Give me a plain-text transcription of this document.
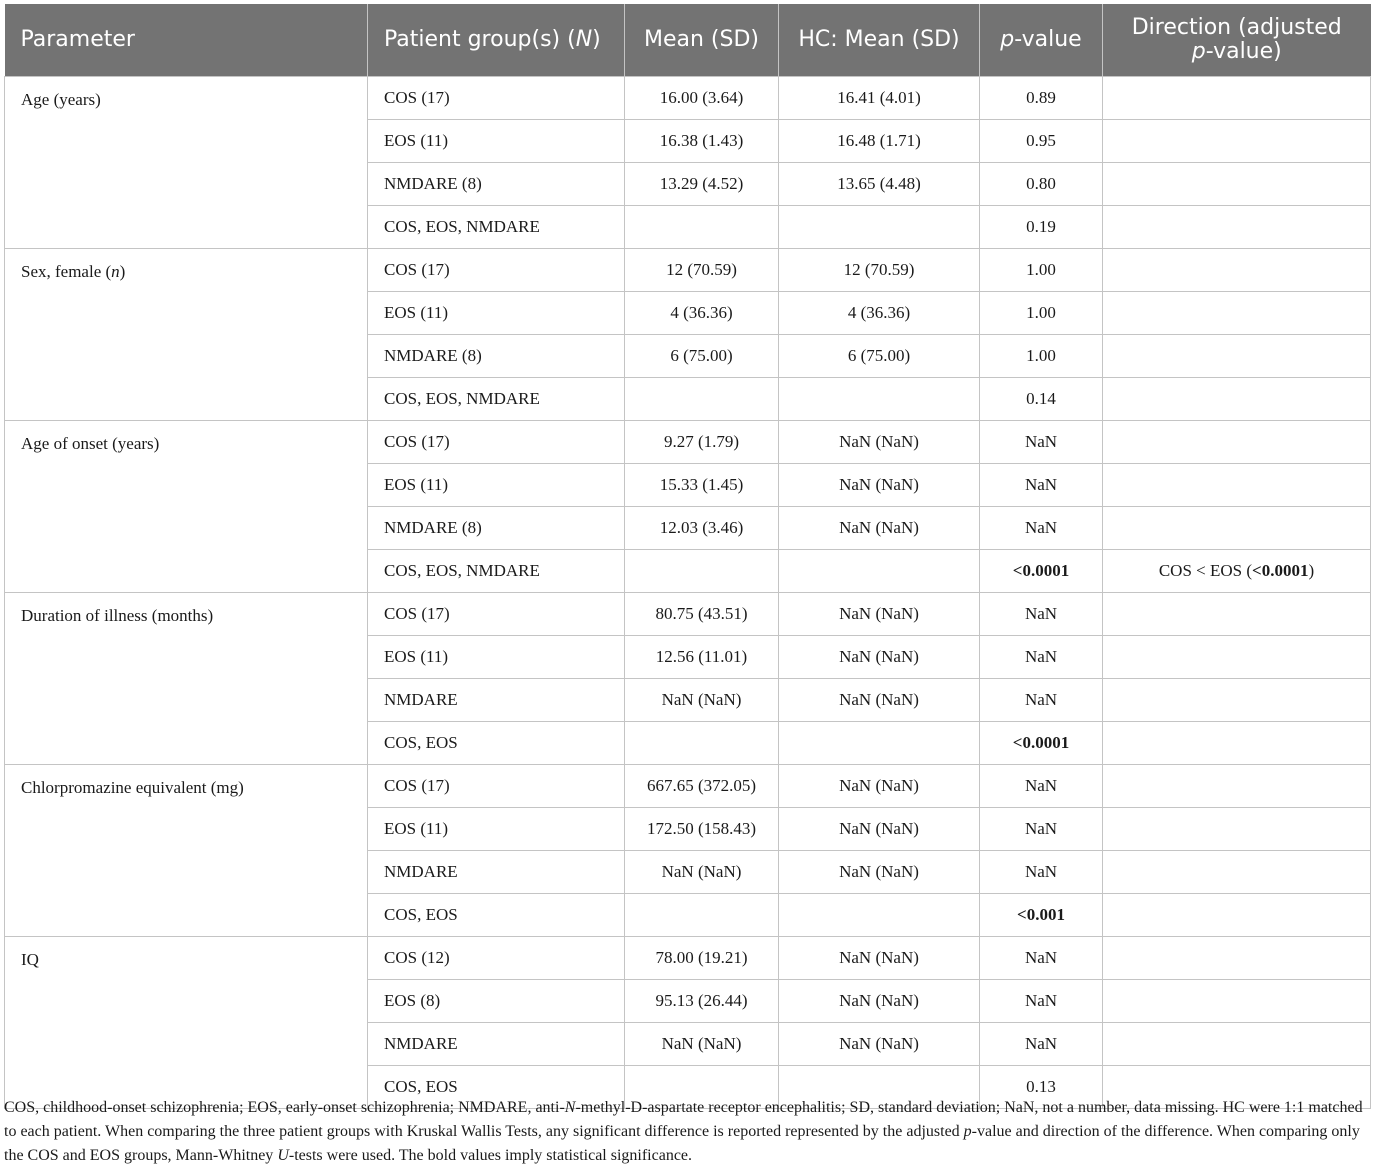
Parameter	Patient group(s) (N)	Mean (SD)	HC: Mean (SD)	p-value	Direction (adjusted
p-value)
Age (years)	COS (17)	16.00 (3.64)	16.41 (4.01)	0.89	
	EOS (11)	16.38 (1.43)	16.48 (1.71)	0.95	
	NMDARE (8)	13.29 (4.52)	13.65 (4.48)	0.80	
	COS, EOS, NMDARE			0.19	
Sex, female (n)	COS (17)	12 (70.59)	12 (70.59)	1.00	
	EOS (11)	4 (36.36)	4 (36.36)	1.00	
	NMDARE (8)	6 (75.00)	6 (75.00)	1.00	
	COS, EOS, NMDARE			0.14	
Age of onset (years)	COS (17)	9.27 (1.79)	NaN (NaN)	NaN	
	EOS (11)	15.33 (1.45)	NaN (NaN)	NaN	
	NMDARE (8)	12.03 (3.46)	NaN (NaN)	NaN	
	COS, EOS, NMDARE			<0.0001	COS < EOS (<0.0001)
Duration of illness (months)	COS (17)	80.75 (43.51)	NaN (NaN)	NaN	
	EOS (11)	12.56 (11.01)	NaN (NaN)	NaN	
	NMDARE	NaN (NaN)	NaN (NaN)	NaN	
	COS, EOS			<0.0001	
Chlorpromazine equivalent (mg)	COS (17)	667.65 (372.05)	NaN (NaN)	NaN	
	EOS (11)	172.50 (158.43)	NaN (NaN)	NaN	
	NMDARE	NaN (NaN)	NaN (NaN)	NaN	
	COS, EOS			<0.001	
IQ	COS (12)	78.00 (19.21)	NaN (NaN)	NaN	
	EOS (8)	95.13 (26.44)	NaN (NaN)	NaN	
	NMDARE	NaN (NaN)	NaN (NaN)	NaN	
	COS, EOS			0.13	
COS, childhood-onset schizophrenia; EOS, early-onset schizophrenia; NMDARE, anti-N-methyl-D-aspartate receptor encephalitis; SD, standard deviation; NaN, not a number, data missing. HC were 1:1 matched to each patient. When comparing the three patient groups with Kruskal Wallis Tests, any significant difference is reported represented by the adjusted p-value and direction of the difference. When comparing only the COS and EOS groups, Mann-Whitney U-tests were used. The bold values imply statistical significance.
